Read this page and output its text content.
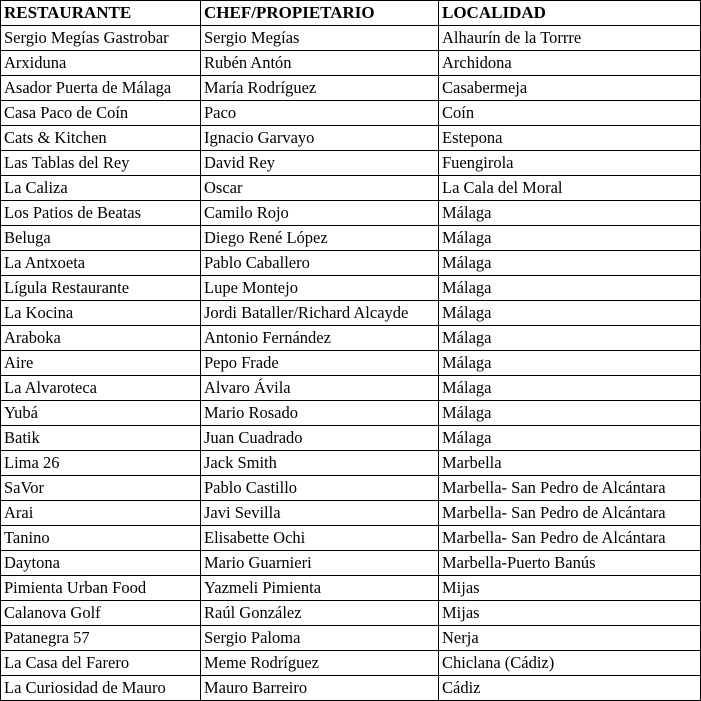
RESTAURANTE	CHEF/PROPIETARIO	LOCALIDAD
Sergio Megías Gastrobar	Sergio Megías	Alhaurín de la Torrre
Arxiduna	Rubén Antón	Archidona
Asador Puerta de Málaga	María Rodríguez	Casabermeja
Casa Paco de Coín	Paco	Coín
Cats & Kitchen	Ignacio Garvayo	Estepona
Las Tablas del Rey	David Rey	Fuengirola
La Caliza	Oscar	La Cala del Moral
Los Patios de Beatas	Camilo Rojo	Málaga
Beluga	Diego René López	Málaga
La Antxoeta	Pablo Caballero	Málaga
Lígula Restaurante	Lupe Montejo	Málaga
La Kocina	Jordi Bataller/Richard Alcayde	Málaga
Araboka	Antonio Fernández	Málaga
Aire	Pepo Frade	Málaga
La Alvaroteca	Alvaro Ávila	Málaga
Yubá	Mario Rosado	Málaga
Batik	Juan Cuadrado	Málaga
Lima 26	Jack Smith	Marbella
SaVor	Pablo Castillo	Marbella- San Pedro de Alcántara
Arai	Javi Sevilla	Marbella- San Pedro de Alcántara
Tanino	Elisabette Ochi	Marbella- San Pedro de Alcántara
Daytona	Mario Guarnieri	Marbella-Puerto Banús
Pimienta Urban Food	Yazmeli Pimienta	Mijas
Calanova Golf	Raúl González	Mijas
Patanegra 57	Sergio Paloma	Nerja
La Casa del Farero	Meme Rodríguez	Chiclana (Cádiz)
La Curiosidad de Mauro	Mauro Barreiro	Cádiz
